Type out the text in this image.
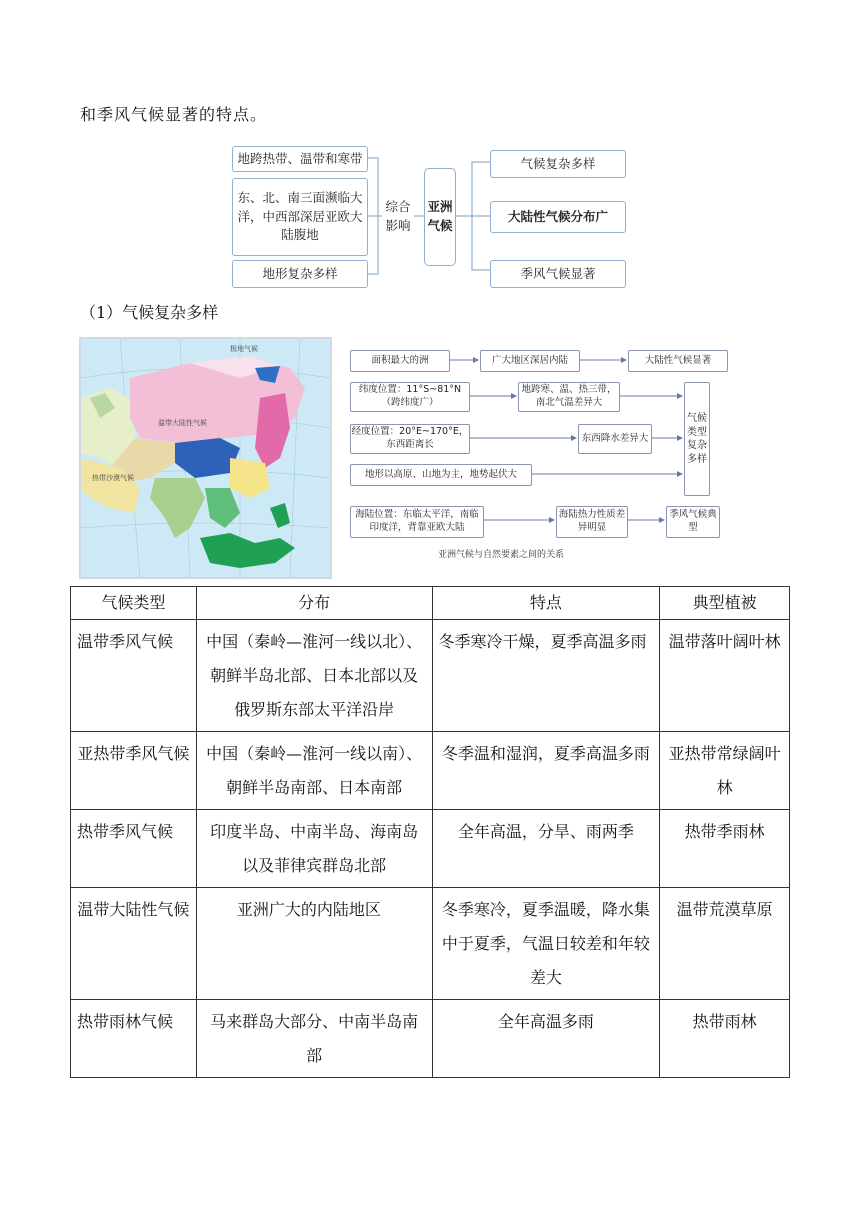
和季风气候显著的特点。
地跨热带、温带和寒带
东、北、南三面濒临大洋，中西部深居亚欧大陆腹地
地形复杂多样
综合影响
亚洲气候
气候复杂多样
大陆性气候分布广
季风气候显著
（1）气候复杂多样
温带大陆性气候
热带沙漠气候
极地气候
面积最大的洲	广大地区深居内陆	大陆性气候显著
纬度位置：11°S~81°N（跨纬度广）
地跨寒、温、热三带，南北气温差异大
经度位置：20°E~170°E，东西距离长
东西降水差异大
地形以高原、山地为主，地势起伏大
气候类型复杂多样
海陆位置：东临太平洋，南临印度洋，背靠亚欧大陆
海陆热力性质差异明显
季风气候典型
亚洲气候与自然要素之间的关系
气候类型	分布	特点	典型植被
温带季风气候	中国（秦岭—淮河一线以北）、朝鲜半岛北部、日本北部以及俄罗斯东部太平洋沿岸	冬季寒冷干燥，夏季高温多雨	温带落叶阔叶林
亚热带季风气候	中国（秦岭—淮河一线以南）、朝鲜半岛南部、日本南部	冬季温和湿润，夏季高温多雨	亚热带常绿阔叶林
热带季风气候	印度半岛、中南半岛、海南岛以及菲律宾群岛北部	全年高温，分旱、雨两季	热带季雨林
温带大陆性气候	亚洲广大的内陆地区	冬季寒冷，夏季温暖，降水集中于夏季，气温日较差和年较差大	温带荒漠草原
热带雨林气候	马来群岛大部分、中南半岛南部	全年高温多雨	热带雨林
